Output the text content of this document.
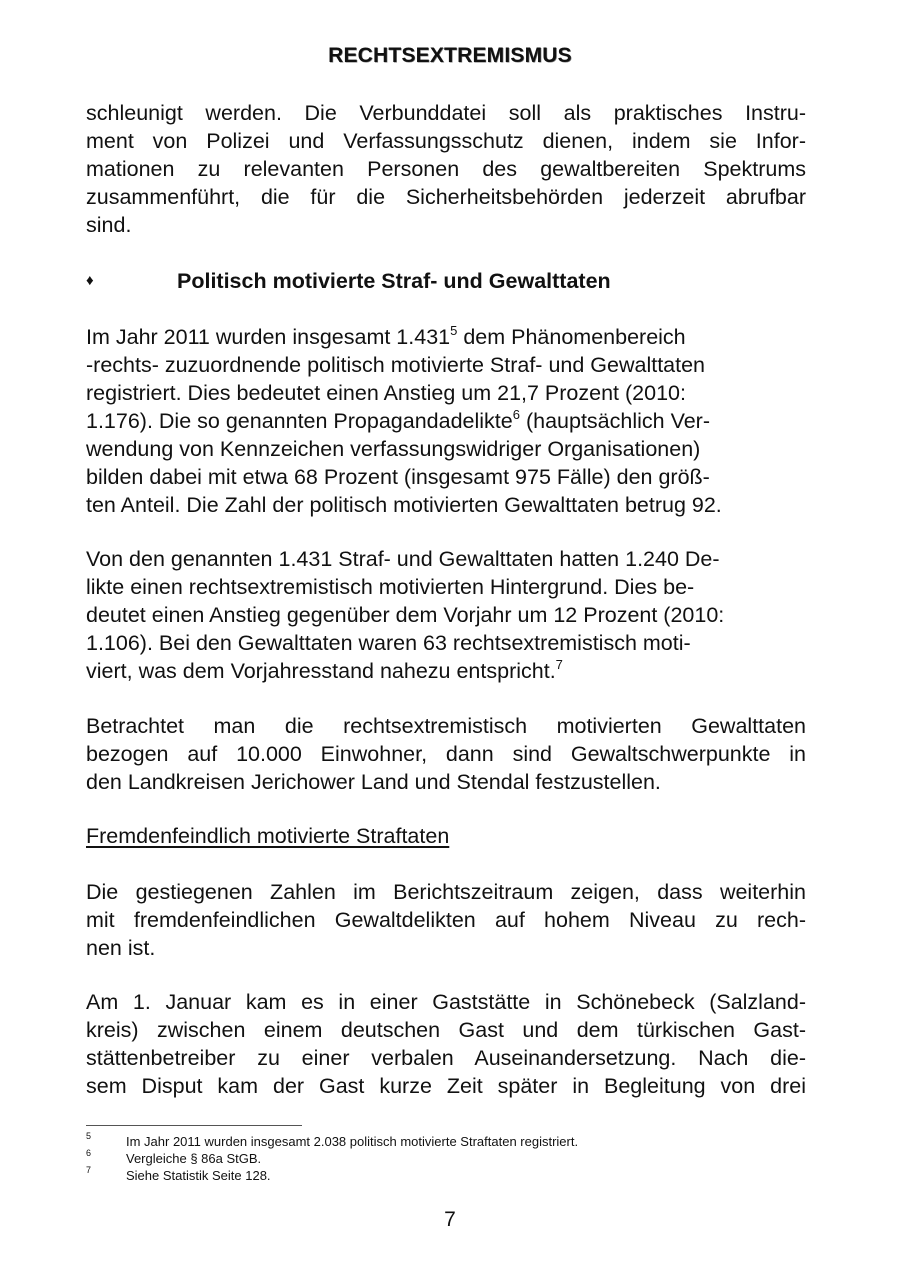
RECHTSEXTREMISMUS
schleunigt werden. Die Verbunddatei soll als praktisches Instru-
ment von Polizei und Verfassungsschutz dienen, indem sie Infor-
mationen zu relevanten Personen des gewaltbereiten Spektrums
zusammenführt, die für die Sicherheitsbehörden jederzeit abrufbar
sind.
♦	Politisch motivierte Straf- und Gewalttaten
Im Jahr 2011 wurden insgesamt 1.431$^5$ dem Phänomenbereich
-rechts- zuzuordnende politisch motivierte Straf- und Gewalttaten
registriert. Dies bedeutet einen Anstieg um 21,7 Prozent (2010:
1.176). Die so genannten Propagandadelikte$^6$ (hauptsächlich Ver-
wendung von Kennzeichen verfassungswidriger Organisationen)
bilden dabei mit etwa 68 Prozent (insgesamt 975 Fälle) den größ-
ten Anteil. Die Zahl der politisch motivierten Gewalttaten betrug 92.
Von den genannten 1.431 Straf- und Gewalttaten hatten 1.240 De-
likte einen rechtsextremistisch motivierten Hintergrund. Dies be-
deutet einen Anstieg gegenüber dem Vorjahr um 12 Prozent (2010:
1.106). Bei den Gewalttaten waren 63 rechtsextremistisch moti-
viert, was dem Vorjahresstand nahezu entspricht.$^7$
Betrachtet man die rechtsextremistisch motivierten Gewalttaten
bezogen auf 10.000 Einwohner, dann sind Gewaltschwerpunkte in
den Landkreisen Jerichower Land und Stendal festzustellen.
Fremdenfeindlich motivierte Straftaten
Die gestiegenen Zahlen im Berichtszeitraum zeigen, dass weiterhin
mit fremdenfeindlichen Gewaltdelikten auf hohem Niveau zu rech-
nen ist.
Am 1. Januar kam es in einer Gaststätte in Schönebeck (Salzland-
kreis) zwischen einem deutschen Gast und dem türkischen Gast-
stättenbetreiber zu einer verbalen Auseinandersetzung. Nach die-
sem Disput kam der Gast kurze Zeit später in Begleitung von drei
5	Im Jahr 2011 wurden insgesamt 2.038 politisch motivierte Straftaten registriert.
6	Vergleiche § 86a StGB.
7	Siehe Statistik Seite 128.
7
